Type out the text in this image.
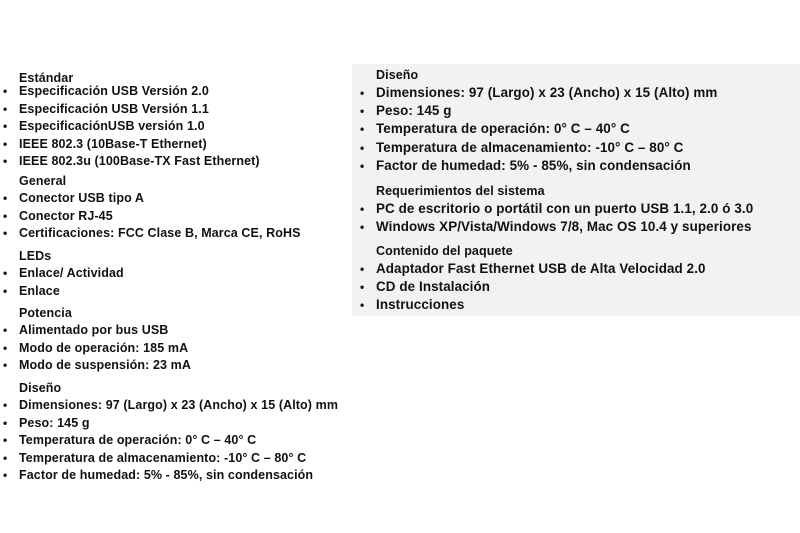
Estándar
• Especificación USB Versión 2.0
• Especificación USB Versión 1.1
• EspecificaciónUSB versión 1.0
• IEEE 802.3 (10Base-T Ethernet)
• IEEE 802.3u (100Base-TX Fast Ethernet)
General
• Conector USB tipo A
• Conector RJ-45
• Certificaciones: FCC Clase B, Marca CE, RoHS
LEDs
• Enlace/ Actividad
• Enlace
Potencia
• Alimentado por bus USB
• Modo de operación: 185 mA
• Modo de suspensión: 23 mA
Diseño
• Dimensiones: 97 (Largo) x 23 (Ancho) x 15 (Alto) mm
• Peso: 145 g
• Temperatura de operación: 0° C – 40° C
• Temperatura de almacenamiento: -10° C – 80° C
• Factor de humedad: 5% - 85%, sin condensación
Diseño
• Dimensiones: 97 (Largo) x 23 (Ancho) x 15 (Alto) mm
• Peso: 145 g
• Temperatura de operación: 0° C – 40° C
• Temperatura de almacenamiento: -10° C – 80° C
• Factor de humedad: 5% - 85%, sin condensación
Requerimientos del sistema
• PC de escritorio o portátil con un puerto USB 1.1, 2.0 ó 3.0
• Windows XP/Vista/Windows 7/8, Mac OS 10.4 y superiores
Contenido del paquete
• Adaptador Fast Ethernet USB de Alta Velocidad 2.0
• CD de Instalación
• Instrucciones
